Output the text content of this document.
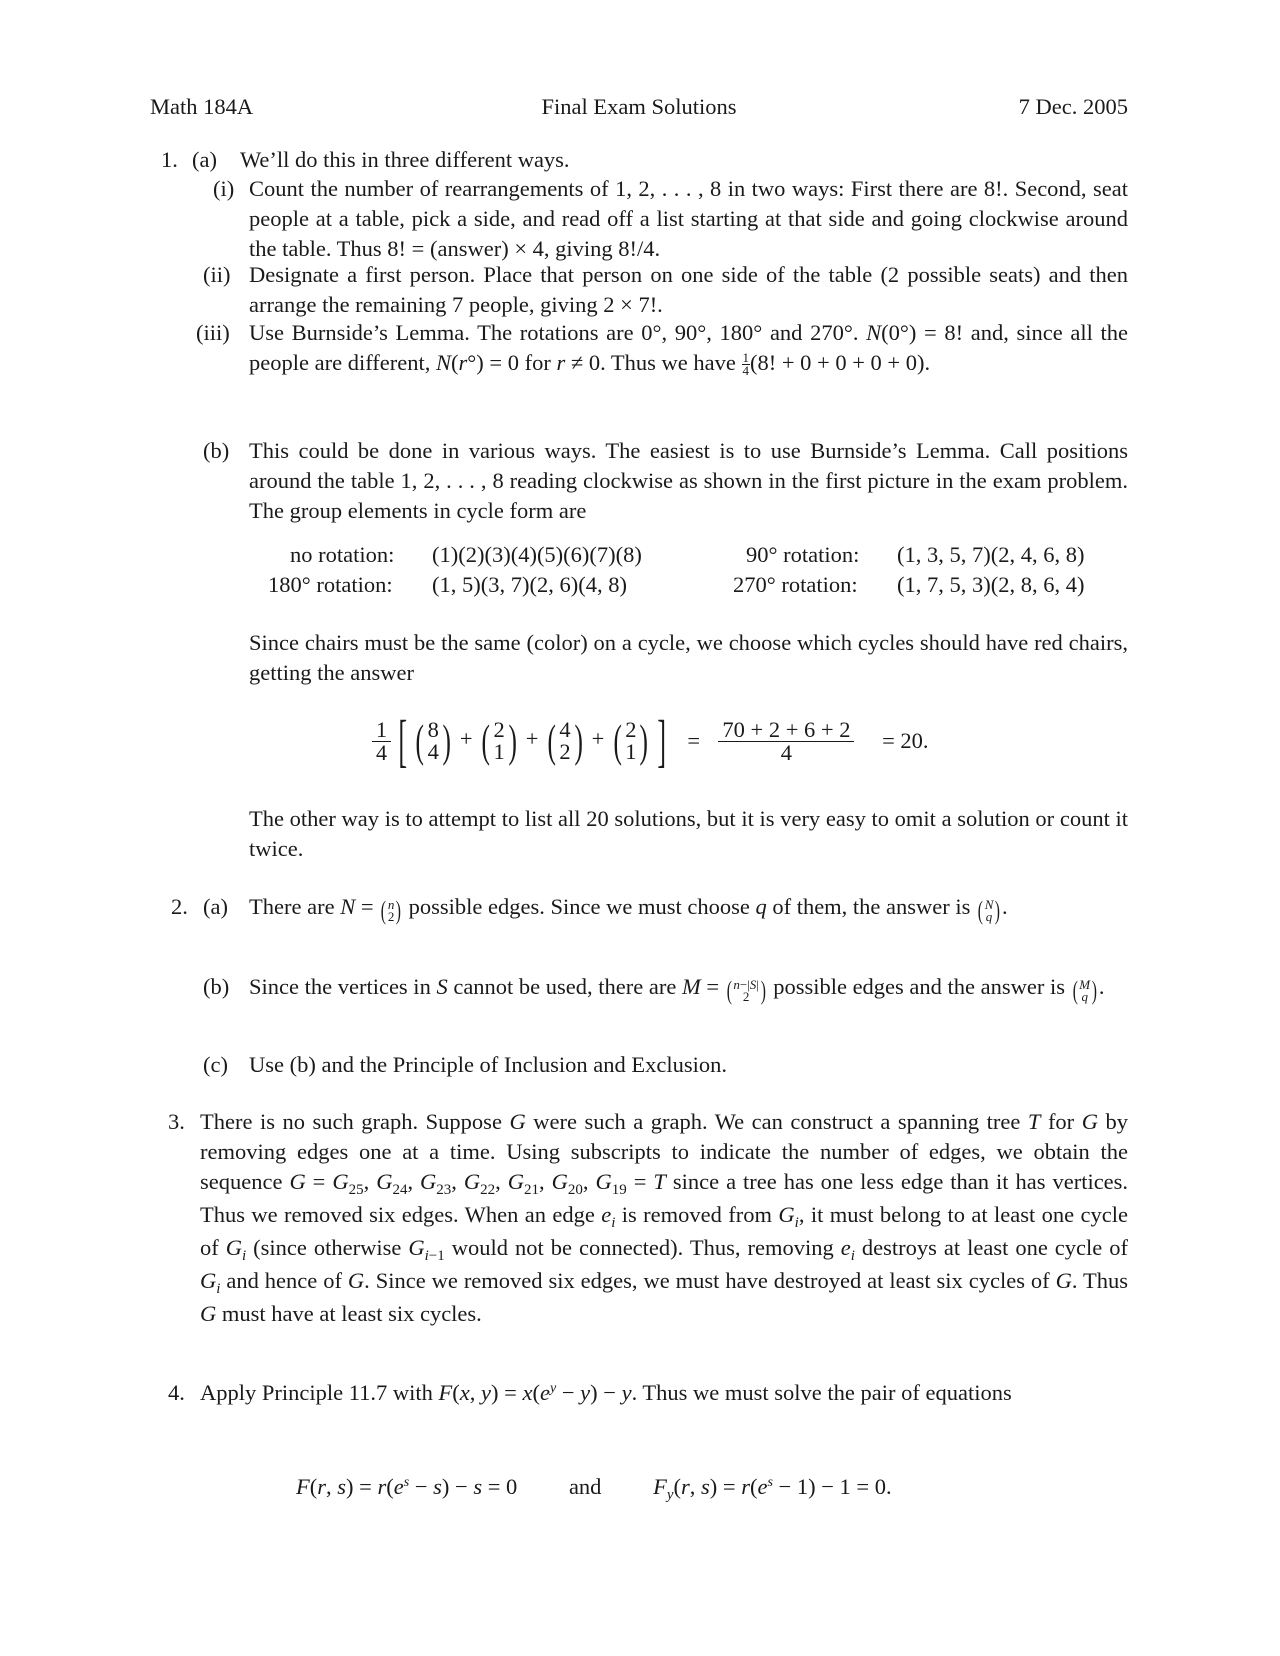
Math 184A	Final Exam Solutions	7 Dec. 2005
1. (a) We’ll do this in three different ways.
(i) Count the number of rearrangements of 1, 2, . . . , 8 in two ways: First there are 8!. Second, seat people at a table, pick a side, and read off a list starting at that side and going clockwise around the table. Thus 8! = (answer) × 4, giving 8!/4.
(ii) Designate a first person. Place that person on one side of the table (2 possible seats) and then arrange the remaining 7 people, giving 2 × 7!.
(iii) Use Burnside’s Lemma. The rotations are 0°, 90°, 180° and 270°. N(0°) = 8! and, since all the people are different, N(r°) = 0 for r ≠ 0. Thus we have $\frac{1}{4} (8$! + 0 + 0 + 0 + 0).
(b) This could be done in various ways. The easiest is to use Burnside’s Lemma. Call positions around the table 1, 2, . . . , 8 reading clockwise as shown in the first picture in the exam problem. The group elements in cycle form are
no rotation: (1)(2)(3)(4)(5)(6)(7)(8)	90° rotation: (1, 3, 5, 7)(2, 4, 6, 8)
180° rotation: (1, 5)(3, 7)(2, 6)(4, 8)	270° rotation: (1, 7, 5, 3)(2, 8, 6, 4)
Since chairs must be the same (color) on a cycle, we choose which cycles should have red chairs, getting the answer
$\frac{1}{4}$ [ ( 8
4 ) + ( 2
1 ) + ( 4
2 ) + ( 2
1 ) ] = $\frac{70 + 2 + 6 + 2}{4} = 20$.
The other way is to attempt to list all 20 solutions, but it is very easy to omit a solution or count it twice.
2. (a) There are N = ( n
2 ) possible edges. Since we must choose q of them, the answer is ( N
q ).
(b) Since the vertices in S cannot be used, there are M = ( n−|S|
2 ) possible edges and the answer is ( M
q ).
(c) Use (b) and the Principle of Inclusion and Exclusion.
3. There is no such graph. Suppose G were such a graph. We can construct a spanning tree T for G by removing edges one at a time. Using subscripts to indicate the number of edges, we obtain the sequence $G = G_{25}$, $G_{24}$, $G_{23}$, $G_{22}$, $G_{21}$, $G_{20}$, $G_{19} = T$ since a tree has one less edge than it has vertices. Thus we removed six edges. When an edge $e_i$ is removed from $G_i$, it must belong to at least one cycle of $G_i$ (since otherwise $G_{i-1}$ would not be connected). Thus, removing $e_i$ destroys at least one cycle of $G_i$ and hence of G. Since we removed six edges, we must have destroyed at least six cycles of G. Thus G must have at least six cycles.
4. Apply Principle 11.7 with F(x, $y) = x(e^y - y) - y$. Thus we must solve the pair of equations
F(r, $s) = r(e^s - s) - s = 0$ and $F_y(r$, $s) = r(e^s - 1) - 1 = 0$.
